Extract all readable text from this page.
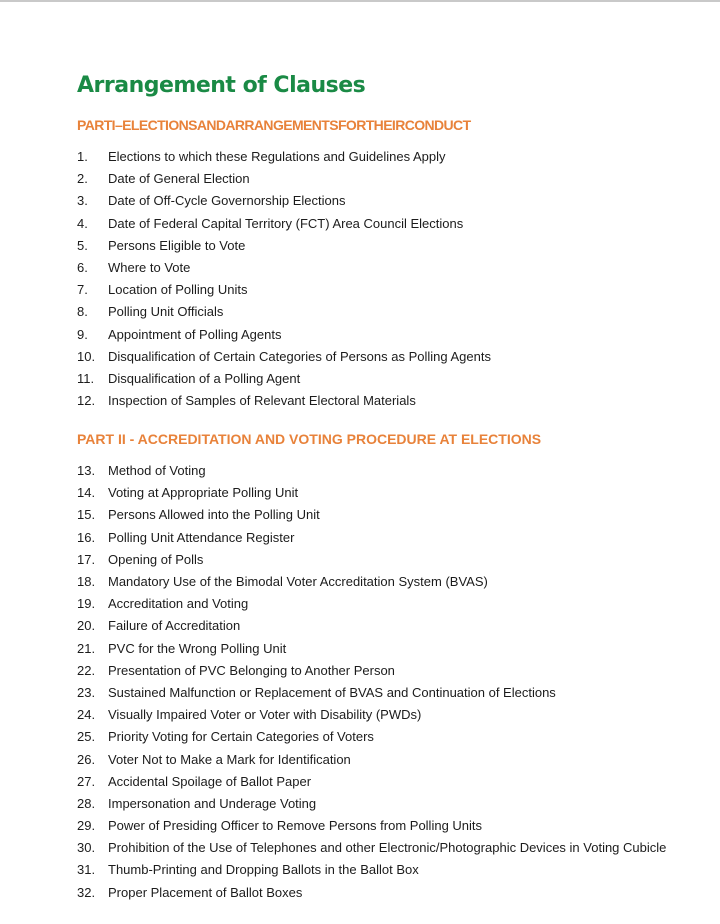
Arrangement of Clauses
PARTI–ELECTIONSANDARRANGEMENTSFORTHEIRCONDUCT
1.	Elections to which these Regulations and Guidelines Apply
2.	Date of General Election
3.	Date of Off-Cycle Governorship Elections
4.	Date of Federal Capital Territory (FCT) Area Council Elections
5.	Persons Eligible to Vote
6.	Where to Vote
7.	Location of Polling Units
8.	Polling Unit Officials
9.	Appointment of Polling Agents
10. Disqualification of Certain Categories of Persons as Polling Agents
11.	Disqualification of a Polling Agent
12. Inspection of Samples of Relevant Electoral Materials
PART II - ACCREDITATION AND VOTING PROCEDURE AT ELECTIONS
13. Method of Voting
14. Voting at Appropriate Polling Unit
15. Persons Allowed into the Polling Unit
16. Polling Unit Attendance Register
17. Opening of Polls
18. Mandatory Use of the Bimodal Voter Accreditation System (BVAS)
19. Accreditation and Voting
20. Failure of Accreditation
21. PVC for the Wrong Polling Unit
22. Presentation of PVC Belonging to Another Person
23. Sustained Malfunction or Replacement of BVAS and Continuation of Elections
24. Visually Impaired Voter or Voter with Disability (PWDs)
25. Priority Voting for Certain Categories of Voters
26. Voter Not to Make a Mark for Identification
27. Accidental Spoilage of Ballot Paper
28. Impersonation and Underage Voting
29. Power of Presiding Officer to Remove Persons from Polling Units
30. Prohibition of the Use of Telephones and other Electronic/Photographic Devices in Voting Cubicle
31. Thumb-Printing and Dropping Ballots in the Ballot Box
32. Proper Placement of Ballot Boxes
